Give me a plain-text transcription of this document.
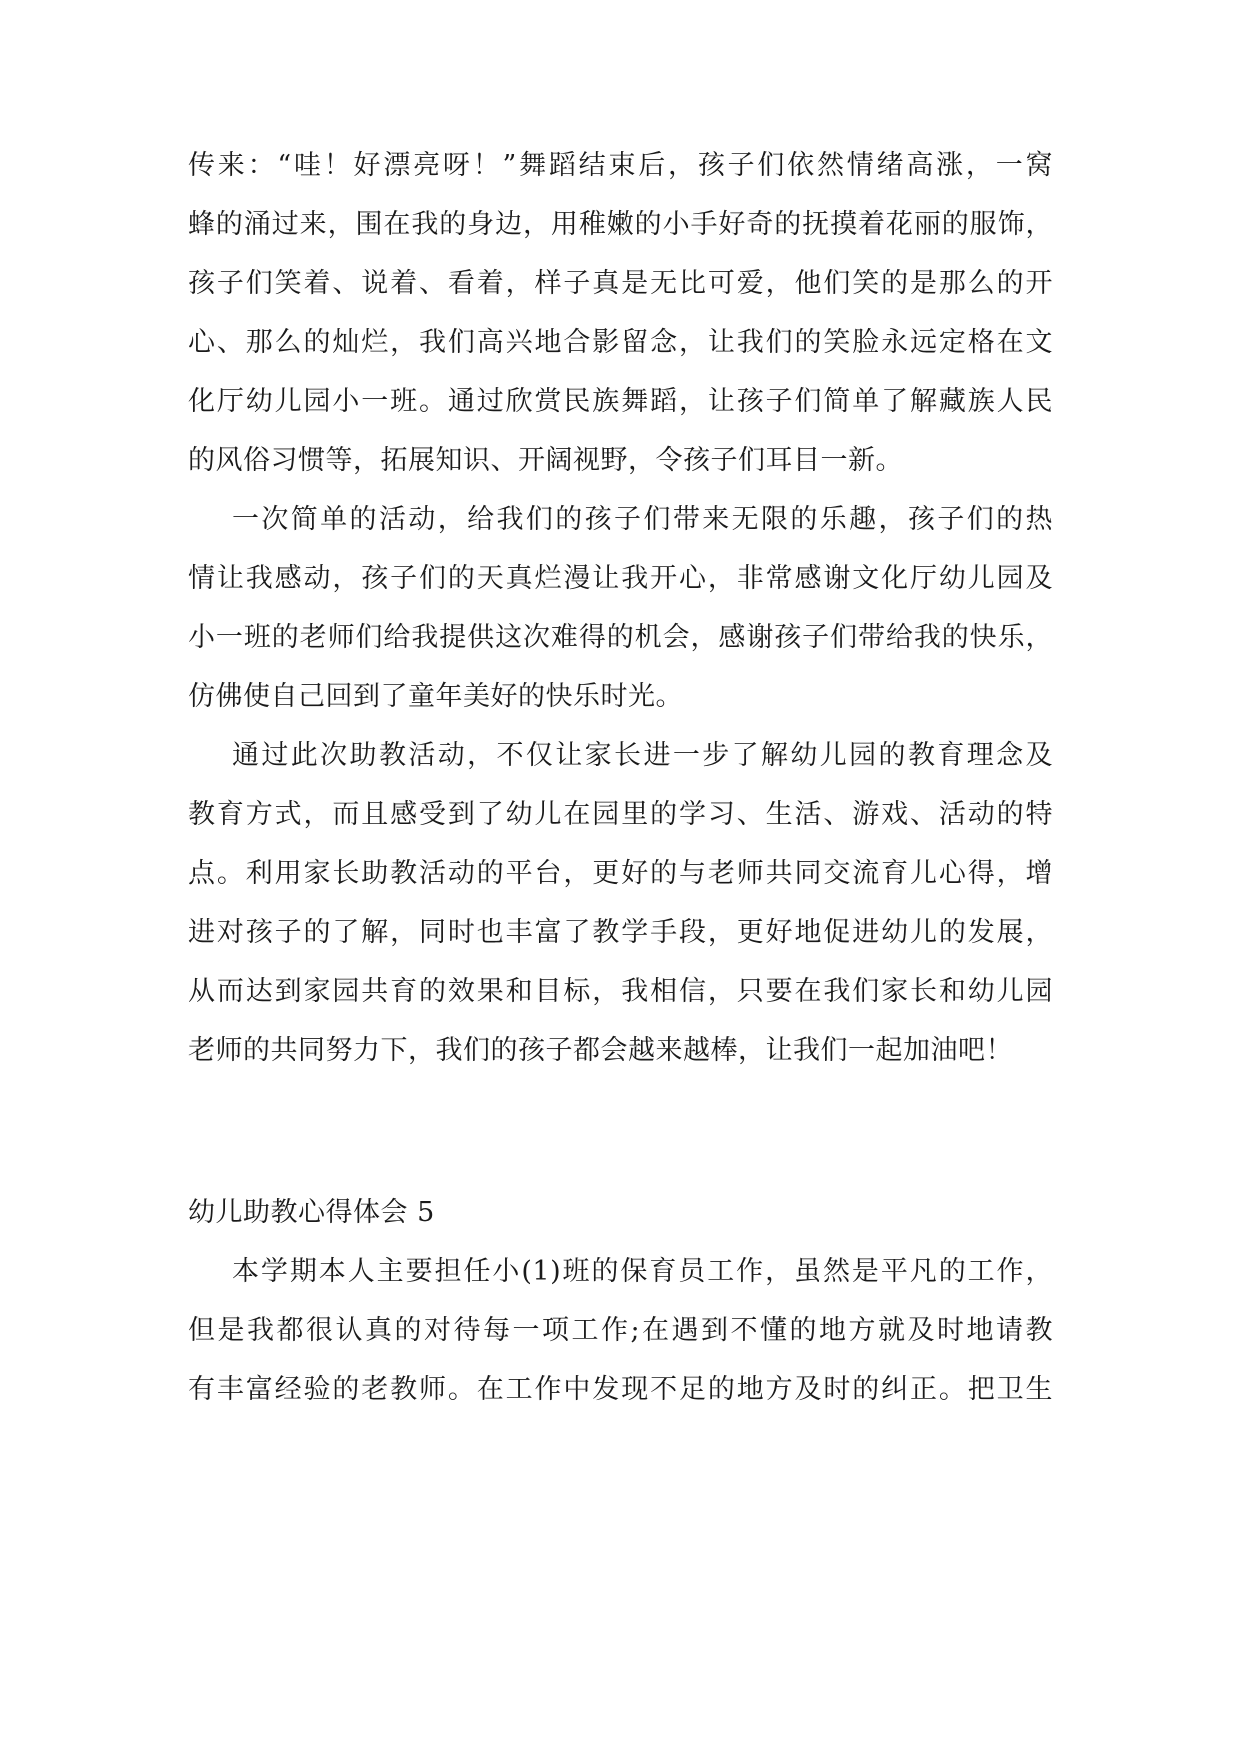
传来：“哇！好漂亮呀！”舞蹈结束后，孩子们依然情绪高涨，一窝
蜂的涌过来，围在我的身边，用稚嫩的小手好奇的抚摸着花丽的服饰，
孩子们笑着、说着、看着，样子真是无比可爱，他们笑的是那么的开
心、那么的灿烂，我们高兴地合影留念，让我们的笑脸永远定格在文
化厅幼儿园小一班。通过欣赏民族舞蹈，让孩子们简单了解藏族人民
的风俗习惯等，拓展知识、开阔视野，令孩子们耳目一新。
一次简单的活动，给我们的孩子们带来无限的乐趣，孩子们的热
情让我感动，孩子们的天真烂漫让我开心，非常感谢文化厅幼儿园及
小一班的老师们给我提供这次难得的机会，感谢孩子们带给我的快乐，
仿佛使自己回到了童年美好的快乐时光。
通过此次助教活动，不仅让家长进一步了解幼儿园的教育理念及
教育方式，而且感受到了幼儿在园里的学习、生活、游戏、活动的特
点。利用家长助教活动的平台，更好的与老师共同交流育儿心得，增
进对孩子的了解，同时也丰富了教学手段，更好地促进幼儿的发展，
从而达到家园共育的效果和目标，我相信，只要在我们家长和幼儿园
老师的共同努力下，我们的孩子都会越来越棒，让我们一起加油吧！
幼儿助教心得体会 5
本学期本人主要担任小(1)班的保育员工作，虽然是平凡的工作，
但是我都很认真的对待每一项工作;在遇到不懂的地方就及时地请教
有丰富经验的老教师。在工作中发现不足的地方及时的纠正。把卫生
